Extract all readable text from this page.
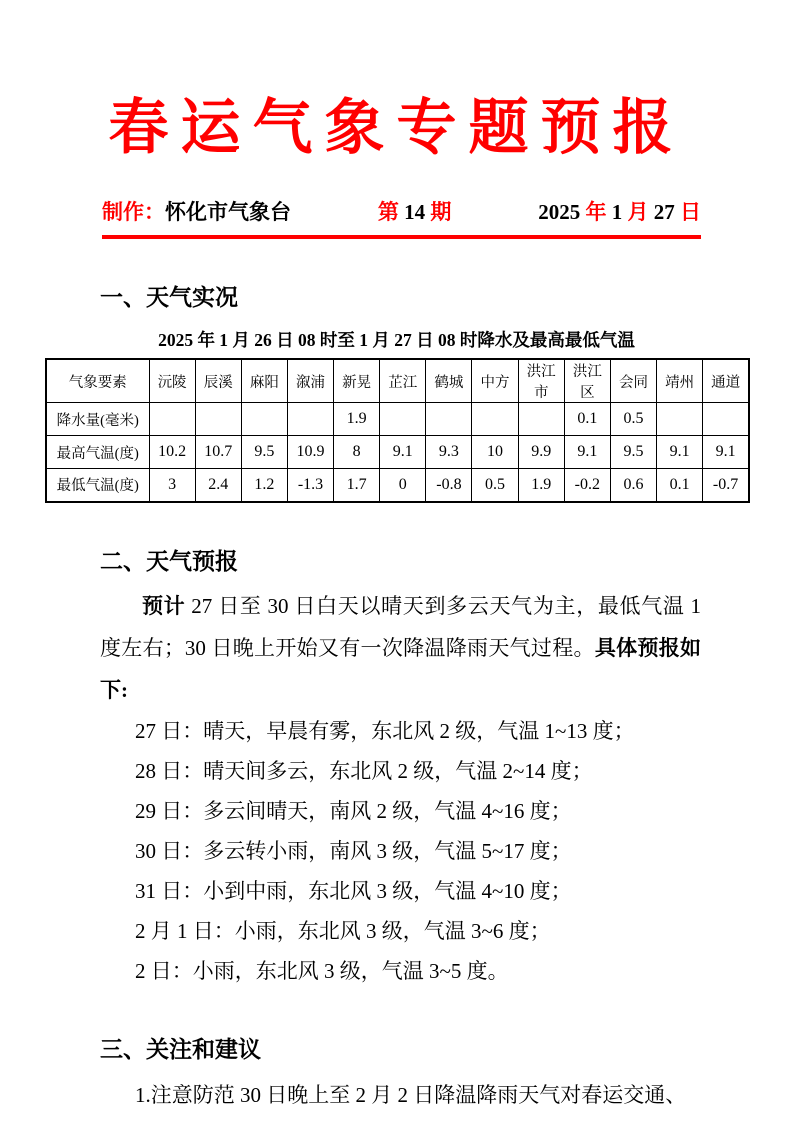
春运气象专题预报
制作：怀化市气象台	第 14 期	2025 年 1 月 27 日
一、天气实况
2025 年 1 月 26 日 08 时至 1 月 27 日 08 时降水及最高最低气温
气象要素	沅陵	辰溪	麻阳	溆浦	新晃	芷江	鹤城	中方	洪江市	洪江区	会同	靖州	通道
降水量(毫米)					1.9					0.1	0.5		
最高气温(度)	10.2	10.7	9.5	10.9	8	9.1	9.3	10	9.9	9.1	9.5	9.1	9.1
最低气温(度)	3	2.4	1.2	-1.3	1.7	0	-0.8	0.5	1.9	-0.2	0.6	0.1	-0.7
二、天气预报

预计 27 日至 30 日白天以晴天到多云天气为主，最低气温 1 度左右；30 日晚上开始又有一次降温降雨天气过程。具体预报如下:

27 日：晴天，早晨有雾，东北风 2 级，气温 1~13 度；
28 日：晴天间多云，东北风 2 级，气温 2~14 度；
29 日：多云间晴天，南风 2 级，气温 4~16 度；
30 日：多云转小雨，南风 3 级，气温 5~17 度；
31 日：小到中雨，东北风 3 级，气温 4~10 度；
2 月 1 日：小雨，东北风 3 级，气温 3~6 度；
2 日：小雨，东北风 3 级，气温 3~5 度。
三、关注和建议
1.注意防范 30 日晚上至 2 月 2 日降温降雨天气对春运交通、
